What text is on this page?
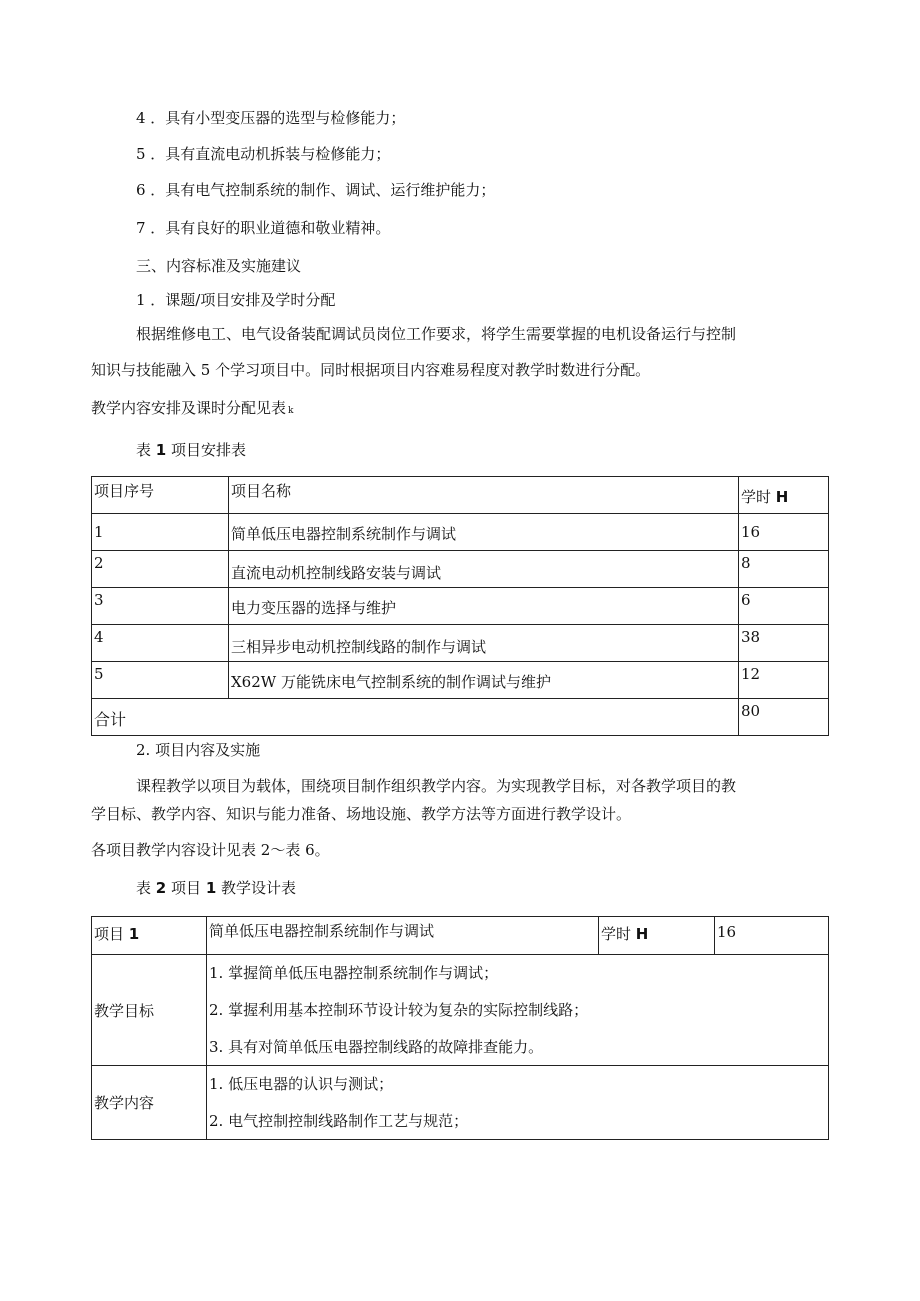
4 ．具有小型变压器的选型与检修能力；
5 ．具有直流电动机拆装与检修能力；
6 ．具有电气控制系统的制作、调试、运行维护能力；
7 ．具有良好的职业道德和敬业精神。
三、内容标准及实施建议
1 ．课题/项目安排及学时分配
根据维修电工、电气设备装配调试员岗位工作要求，将学生需要掌握的电机设备运行与控制
知识与技能融入 5 个学习项目中。同时根据项目内容难易程度对教学时数进行分配。
教学内容安排及课时分配见表 k
表 1 项目安排表
项目序号	项目名称	学时 H

1	简单低压电器控制系统制作与调试	16

2	直流电动机控制线路安装与调试	8

3	电力变压器的选择与维护	6

4	三相异步电动机控制线路的制作与调试	38

5	X62W 万能铣床电气控制系统的制作调试与维护	12

合计		80
2. 项目内容及实施
课程教学以项目为载体，围绕项目制作组织教学内容。为实现教学目标，对各教学项目的教
学目标、教学内容、知识与能力准备、场地设施、教学方法等方面进行教学设计。
各项目教学内容设计见表 2～表 6。
表 2 项目 1 教学设计表
项目 1	简单低压电器控制系统制作与调试	学时 H	16

教学目标	1. 掌握简单低压电器控制系统制作与调试；
2. 掌握利用基本控制环节设计较为复杂的实际控制线路；
3. 具有对简单低压电器控制线路的故障排查能力。		

教学内容	1. 低压电器的认识与测试；
2. 电气控制控制线路制作工艺与规范；		
